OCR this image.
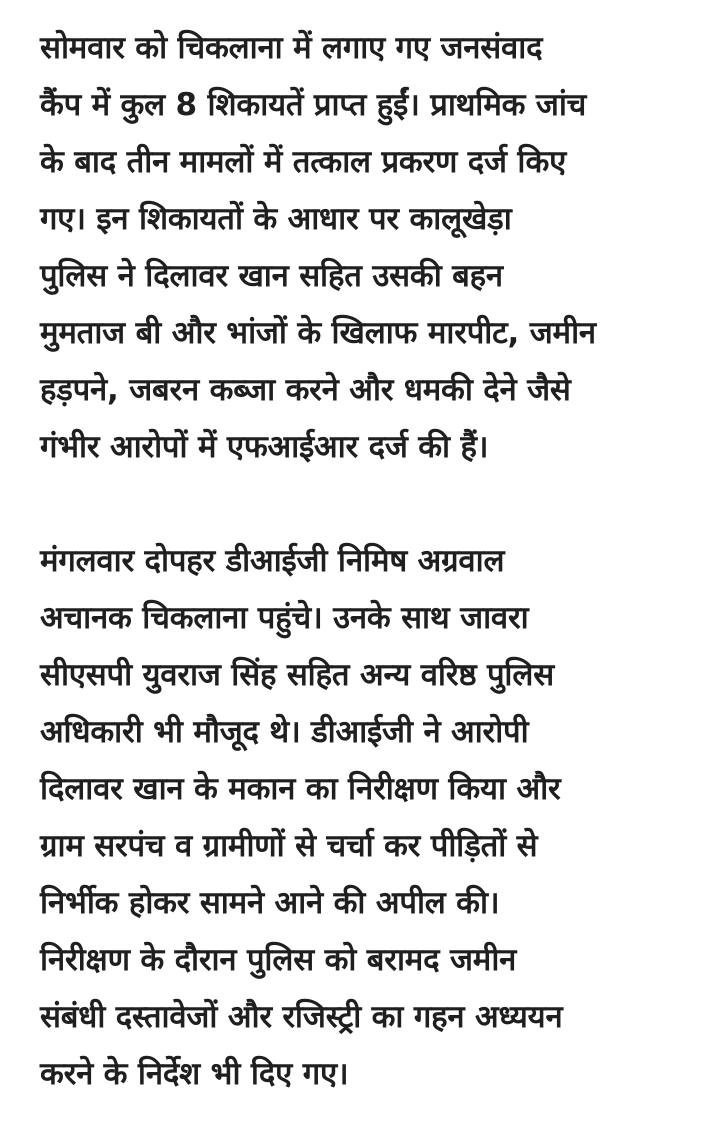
सोमवार को चिकलाना में लगाए गए जनसंवाद
कैंप में कुल 8 शिकायतें प्राप्त हुईं। प्राथमिक जांच
के बाद तीन मामलों में तत्काल प्रकरण दर्ज किए
गए। इन शिकायतों के आधार पर कालूखेड़ा
पुलिस ने दिलावर खान सहित उसकी बहन
मुमताज बी और भांजों के खिलाफ मारपीट, जमीन
हड़पने, जबरन कब्जा करने और धमकी देने जैसे
गंभीर आरोपों में एफआईआर दर्ज की हैं।
मंगलवार दोपहर डीआईजी निमिष अग्रवाल
अचानक चिकलाना पहुंचे। उनके साथ जावरा
सीएसपी युवराज सिंह सहित अन्य वरिष्ठ पुलिस
अधिकारी भी मौजूद थे। डीआईजी ने आरोपी
दिलावर खान के मकान का निरीक्षण किया और
ग्राम सरपंच व ग्रामीणों से चर्चा कर पीड़ितों से
निर्भीक होकर सामने आने की अपील की।
निरीक्षण के दौरान पुलिस को बरामद जमीन
संबंधी दस्तावेजों और रजिस्ट्री का गहन अध्ययन
करने के निर्देश भी दिए गए।
